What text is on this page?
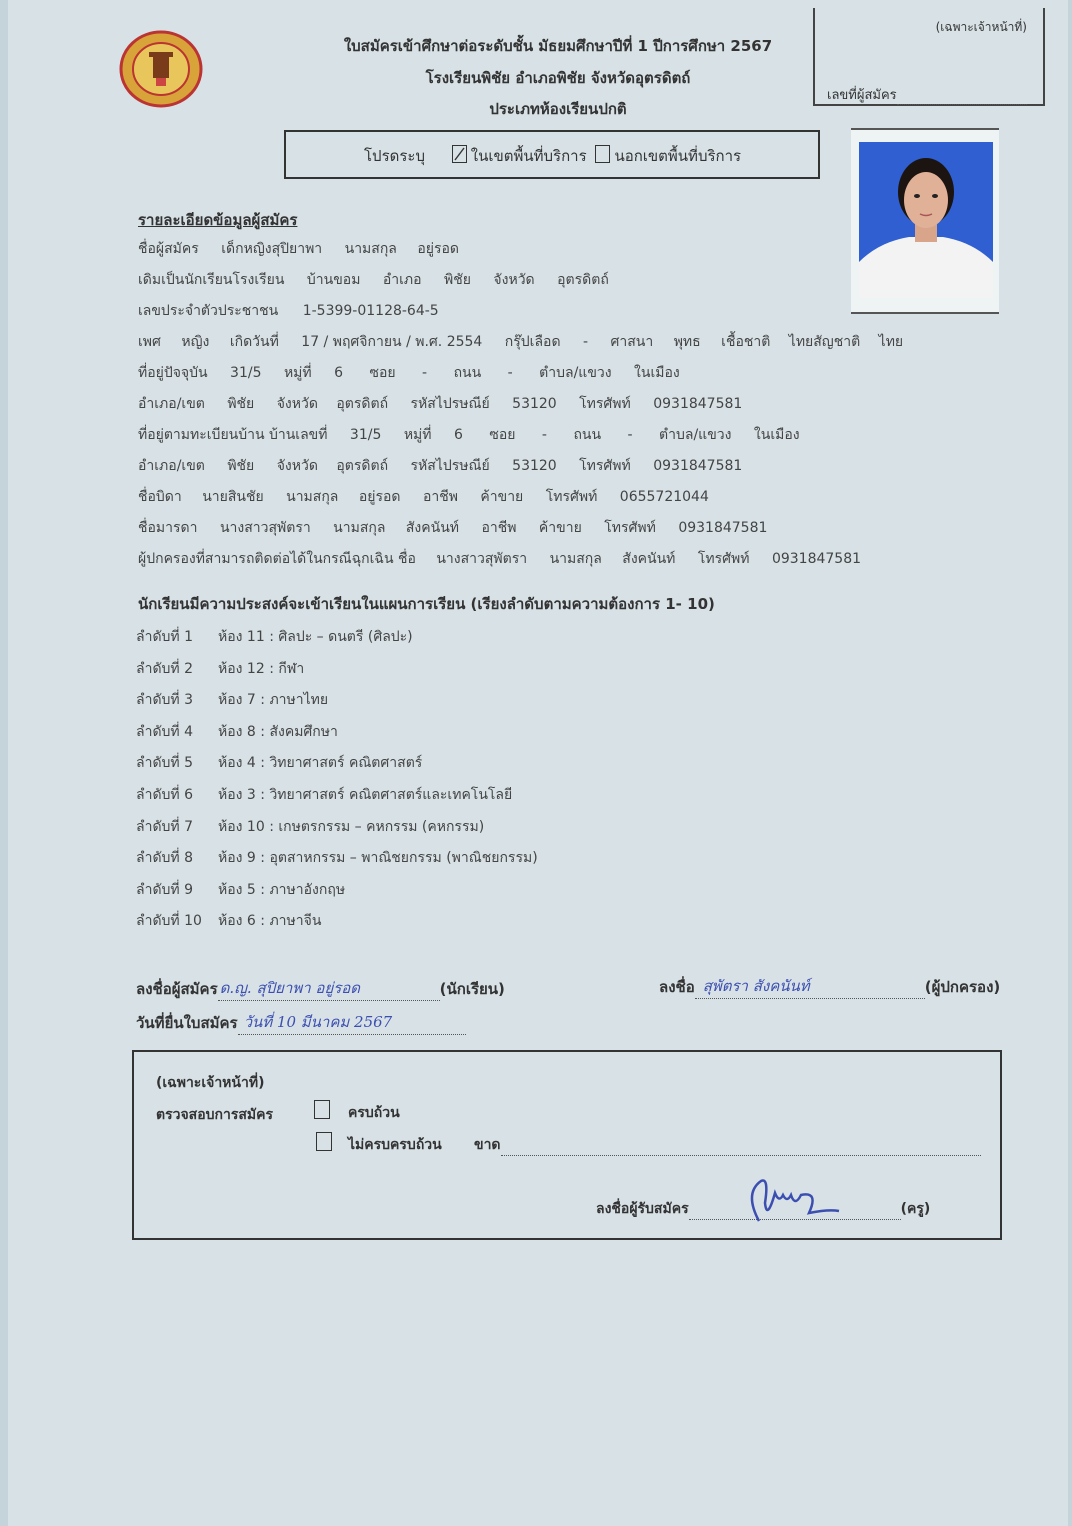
ใบสมัครเข้าศึกษาต่อระดับชั้น มัธยมศึกษาปีที่ 1 ปีการศึกษา 2567
โรงเรียนพิชัย อำเภอพิชัย จังหวัดอุตรดิตถ์
ประเภทห้องเรียนปกติ
(เฉพาะเจ้าหน้าที่)
เลขที่ผู้สมัคร
โปรดระบุ	ในเขตพื้นที่บริการ นอกเขตพื้นที่บริการ
รายละเอียดข้อมูลผู้สมัคร
ชื่อผู้สมัคร เด็กหญิงสุปิยาพา นามสกุล อยู่รอด
เดิมเป็นนักเรียนโรงเรียน บ้านขอม อำเภอ พิชัย จังหวัด อุตรดิตถ์
เลขประจำตัวประชาชน 1-5399-01128-64-5
เพศ หญิง เกิดวันที่ 17 / พฤศจิกายน / พ.ศ. 2554 กรุ๊ปเลือด - ศาสนา พุทธ เชื้อชาติ ไทยสัญชาติ ไทย
ที่อยู่ปัจจุบัน 31/5 หมู่ที่ 6 ซอย - ถนน - ตำบล/แขวง ในเมือง
อำเภอ/เขต พิชัย จังหวัด อุตรดิตถ์ รหัสไปรษณีย์ 53120 โทรศัพท์ 0931847581
ที่อยู่ตามทะเบียนบ้าน บ้านเลขที่ 31/5 หมู่ที่ 6 ซอย - ถนน - ตำบล/แขวง ในเมือง
อำเภอ/เขต พิชัย จังหวัด อุตรดิตถ์ รหัสไปรษณีย์ 53120 โทรศัพท์ 0931847581
ชื่อบิดา นายสินชัย นามสกุล อยู่รอด อาชีพ ค้าขาย โทรศัพท์ 0655721044
ชื่อมารดา นางสาวสุพัตรา นามสกุล สังคนันท์ อาชีพ ค้าขาย โทรศัพท์ 0931847581
ผู้ปกครองที่สามารถติดต่อได้ในกรณีฉุกเฉิน ชื่อ นางสาวสุพัตรา นามสกุล สังคนันท์ โทรศัพท์ 0931847581
นักเรียนมีความประสงค์จะเข้าเรียนในแผนการเรียน (เรียงลำดับตามความต้องการ 1- 10)
ลำดับที่ 1 ห้อง 11 : ศิลปะ – ดนตรี (ศิลปะ)
ลำดับที่ 2 ห้อง 12 : กีฬา
ลำดับที่ 3 ห้อง 7 : ภาษาไทย
ลำดับที่ 4 ห้อง 8 : สังคมศึกษา
ลำดับที่ 5 ห้อง 4 : วิทยาศาสตร์ คณิตศาสตร์
ลำดับที่ 6 ห้อง 3 : วิทยาศาสตร์ คณิตศาสตร์และเทคโนโลยี
ลำดับที่ 7 ห้อง 10 : เกษตรกรรม – คหกรรม (คหกรรม)
ลำดับที่ 8 ห้อง 9 : อุตสาหกรรม – พาณิชยกรรม (พาณิชยกรรม)
ลำดับที่ 9 ห้อง 5 : ภาษาอังกฤษ
ลำดับที่ 10 ห้อง 6 : ภาษาจีน
ลงชื่อผู้สมัคร ด.ญ. สุปิยาพา อยู่รอด	(นักเรียน)	ลงชื่อ สุพัตรา สังคนันท์	(ผู้ปกครอง)
วันที่ยื่นใบสมัคร วันที่ 10 มีนาคม 2567
(เฉพาะเจ้าหน้าที่)
ตรวจสอบการสมัคร	ครบถ้วน
ไม่ครบครบถ้วน ขาด
ลงชื่อผู้รับสมัคร	(ครู)
